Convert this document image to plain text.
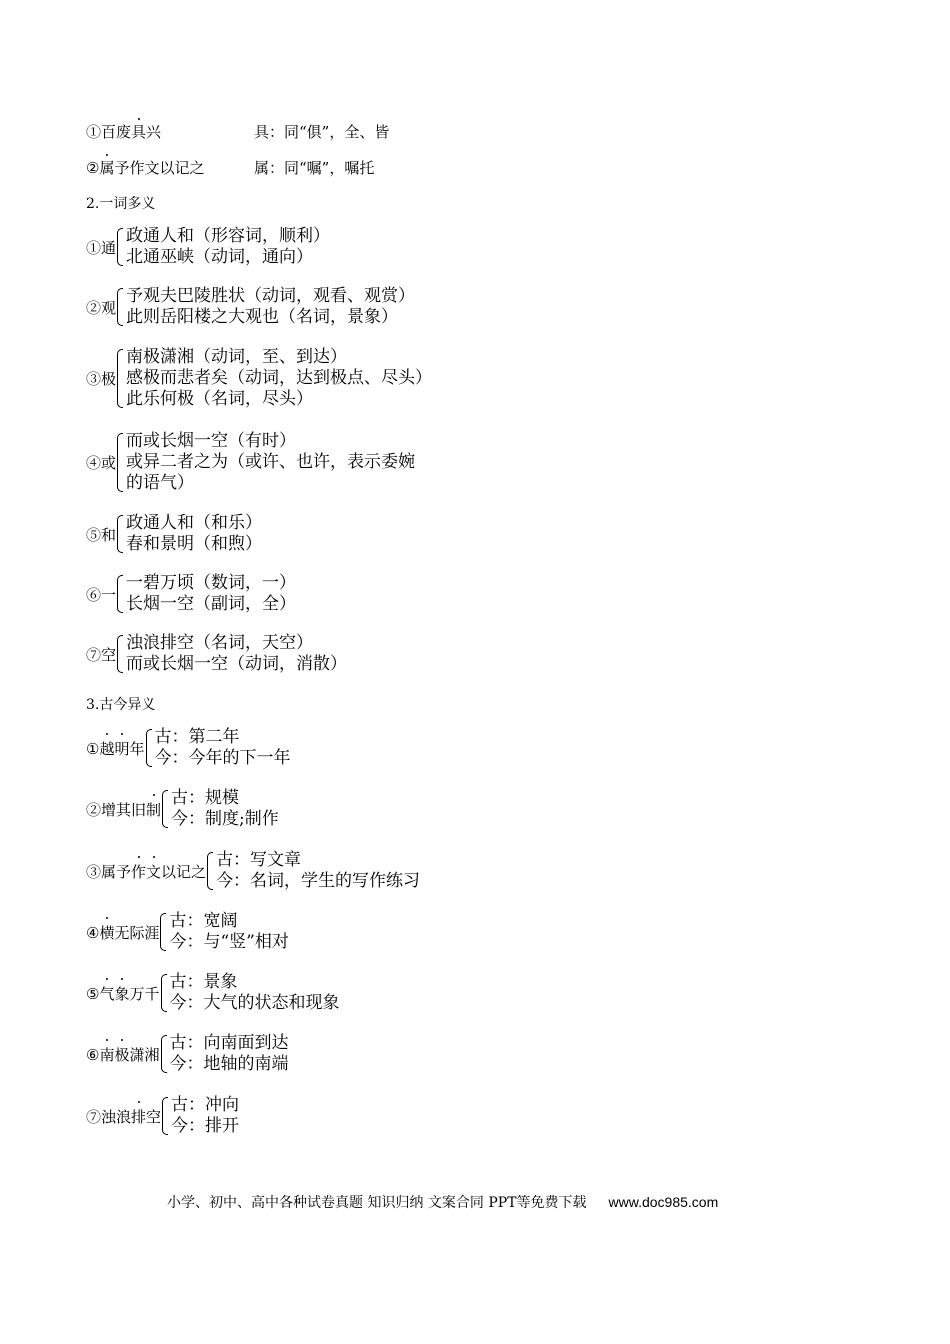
①百废具兴	具：同“俱”，全、皆
②属予作文以记之	属：同“嘱”，嘱托
2.一词多义
①通
政通人和（形容词，顺利）
北通巫峡（动词，通向）
②观
予观夫巴陵胜状（动词，观看、观赏）
此则岳阳楼之大观也（名词，景象）
③极
南极潇湘（动词，至、到达）
感极而悲者矣（动词，达到极点、尽头）
此乐何极（名词，尽头）
④或
而或长烟一空（有时）
或异二者之为（或许、也许，表示委婉
的语气）
⑤和
政通人和（和乐）
春和景明（和煦）
⑥一
一碧万顷（数词，一）
长烟一空（副词，全）
⑦空
浊浪排空（名词，天空）
而或长烟一空（动词，消散）
3.古今异义
①越明年
古：第二年
今：今年的下一年
②增其旧制
古：规模
今：制度;制作
③属予作文以记之
古：写文章
今：名词，学生的写作练习
④横无际涯
古：宽阔
今：与“竖”相对
⑤气象万千
古：景象
今：大气的状态和现象
⑥南极潇湘
古：向南面到达
今：地轴的南端
⑦浊浪排空
古：冲向
今：排开
小学、初中、高中各种试卷真题 知识归纳 文案合同 PPT等免费下载 www.doc985.com
